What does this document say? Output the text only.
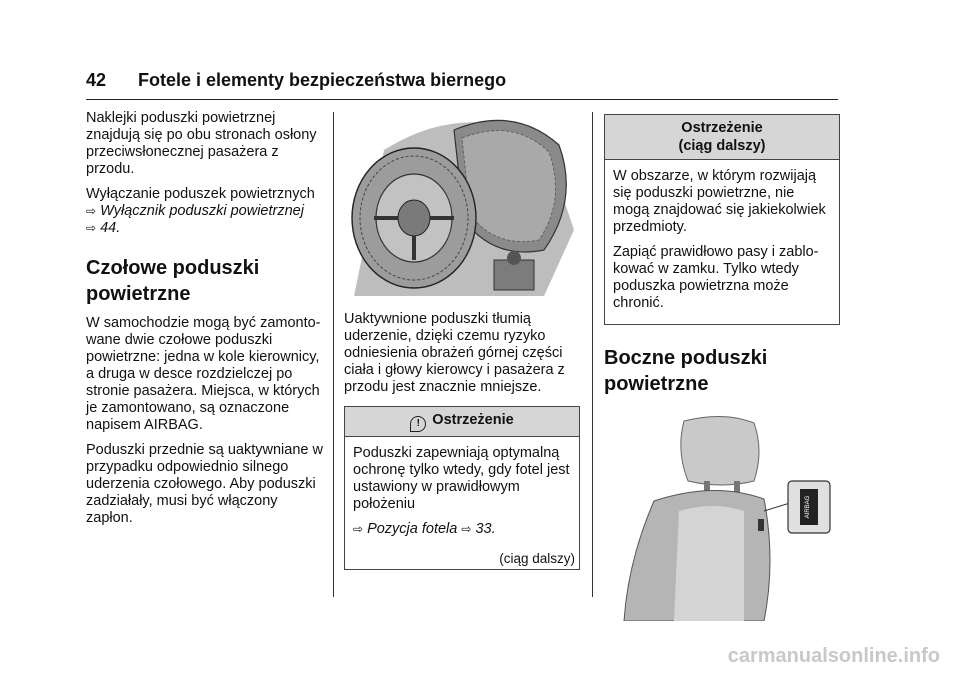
42 Fotele i elementy bezpieczeństwa biernego

Naklejki poduszki powietrznej znajdują się po obu stronach osłony przeciwsłonecznej pasażera z przodu.

Wyłączanie poduszek powietrznych
⇨ Wyłącznik poduszki powietrznej ⇨ 44.

Czołowe poduszki powietrzne

W samochodzie mogą być zamonto-wane dwie czołowe poduszki powietrzne: jedna w kole kierownicy, a druga w desce rozdzielczej po stronie pasażera. Miejsca, w których je zamontowano, są oznaczone napisem AIRBAG.

Poduszki przednie są uaktywniane w przypadku odpowiednio silnego uderzenia czołowego. Aby poduszki zadziałały, musi być włączony zapłon.

Uaktywnione poduszki tłumią uderzenie, dzięki czemu ryzyko odniesienia obrażeń górnej części ciała i głowy kierowcy i pasażera z przodu jest znacznie mniejsze.

! Ostrzeżenie

Poduszki zapewniają optymalną ochronę tylko wtedy, gdy fotel jest ustawiony w prawidłowym położeniu

⇨ Pozycja fotela ⇨ 33.

(ciąg dalszy)
Ostrzeżenie
(ciąg dalszy)

W obszarze, w którym rozwijają się poduszki powietrzne, nie mogą znajdować się jakiekolwiek przedmioty.

Zapiąć prawidłowo pasy i zablo-kować w zamku. Tylko wtedy poduszka powietrzna może chronić.

Boczne poduszki powietrzne
AIRBAG
carmanualsonline.info
